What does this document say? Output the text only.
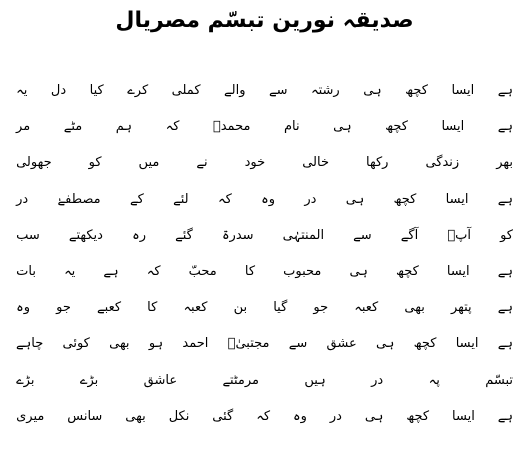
صدیقہ نورین تبسّم مصریال
یہ دل کیا کرے کملی والے سے رشتہ ہی کچھ ایسا ہے
مر	مٹے	ہم	کہ	محمدؐ	نام	ہی	کچھ	ایسا	ہے
جھولی	کو	میں	نے	خود	خالی	رکھا	زندگی	بھر
در مصطفےٰ کے لئے کہ وہ در ہی کچھ ایسا ہے
سب دیکھتے رہ گئے سدرۃ المنتہٰی سے آگے آپؐ کو
بات یہ ہے کہ محبّ کا محبوب ہی کچھ ایسا ہے
وہ جو کعبے کا کعبہ بن گیا جو کعبہ بھی پتھر ہے
چاہے کوئی بھی ہو احمد مجتبیٰؐ سے عشق ہی کچھ ایسا ہے
بڑے	بڑے	عاشق	مرمٹتے	ہیں	در	پہ	تبسّم
میری سانس بھی نکل گئی کہ وہ در ہی کچھ ایسا ہے
